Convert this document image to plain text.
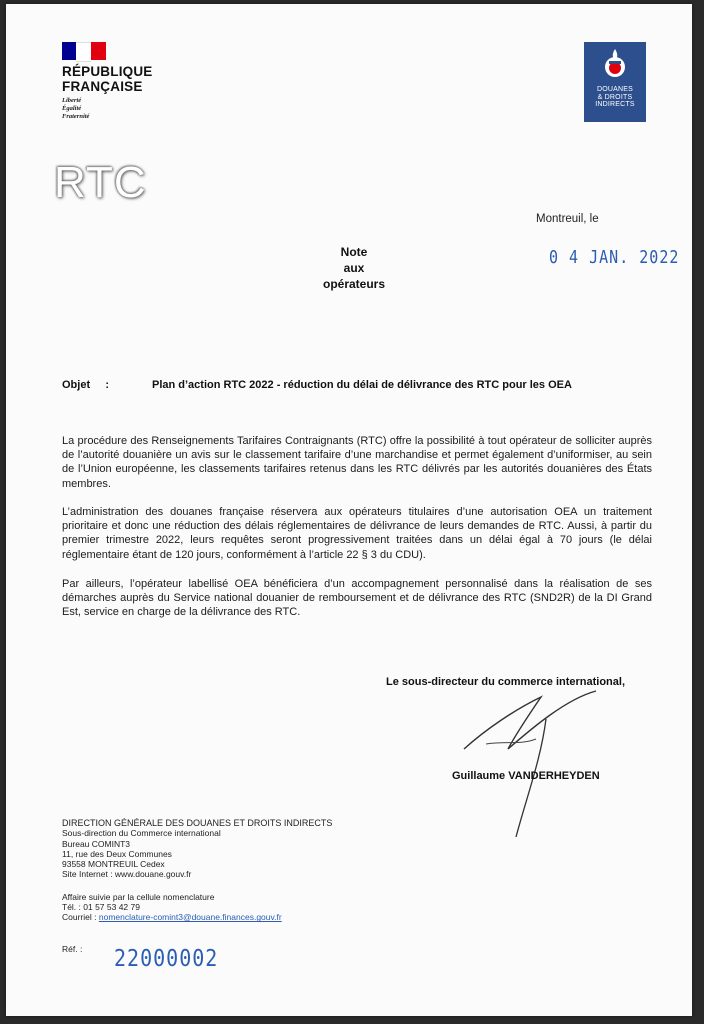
RÉPUBLIQUE
FRANÇAISE
Liberté
Égalité
Fraternité
DOUANES
& DROITS
INDIRECTS
RTC
Montreuil, le
0 4 JAN. 2022
Note
aux
opérateurs
Objet :	Plan d’action RTC 2022 - réduction du délai de délivrance des RTC pour les OEA
La procédure des Renseignements Tarifaires Contraignants (RTC) offre la possibilité à tout opérateur de solliciter auprès de l’autorité douanière un avis sur le classement tarifaire d’une marchandise et permet également d’uniformiser, au sein de l’Union européenne, les classements tarifaires retenus dans les RTC délivrés par les autorités douanières des États membres.
L’administration des douanes française réservera aux opérateurs titulaires d’une autorisation OEA un traitement prioritaire et donc une réduction des délais réglementaires de délivrance de leurs demandes de RTC. Aussi, à partir du premier trimestre 2022, leurs requêtes seront progressivement traitées dans un délai égal à 70 jours (le délai réglementaire étant de 120 jours, conformément à l’article 22 § 3 du CDU).
Par ailleurs, l’opérateur labellisé OEA bénéficiera d’un accompagnement personnalisé dans la réalisation de ses démarches auprès du Service national douanier de remboursement et de délivrance des RTC (SND2R) de la DI Grand Est, service en charge de la délivrance des RTC.
Le sous-directeur du commerce international,
Guillaume VANDERHEYDEN
DIRECTION GÉNÉRALE DES DOUANES ET DROITS INDIRECTS
Sous-direction du Commerce international
Bureau COMINT3
11, rue des Deux Communes
93558 MONTREUIL Cedex
Site Internet : www.douane.gouv.fr
Affaire suivie par la cellule nomenclature
Tél. : 01 57 53 42 79
Courriel : nomenclature-comint3@douane.finances.gouv.fr
Réf. : 22000002
